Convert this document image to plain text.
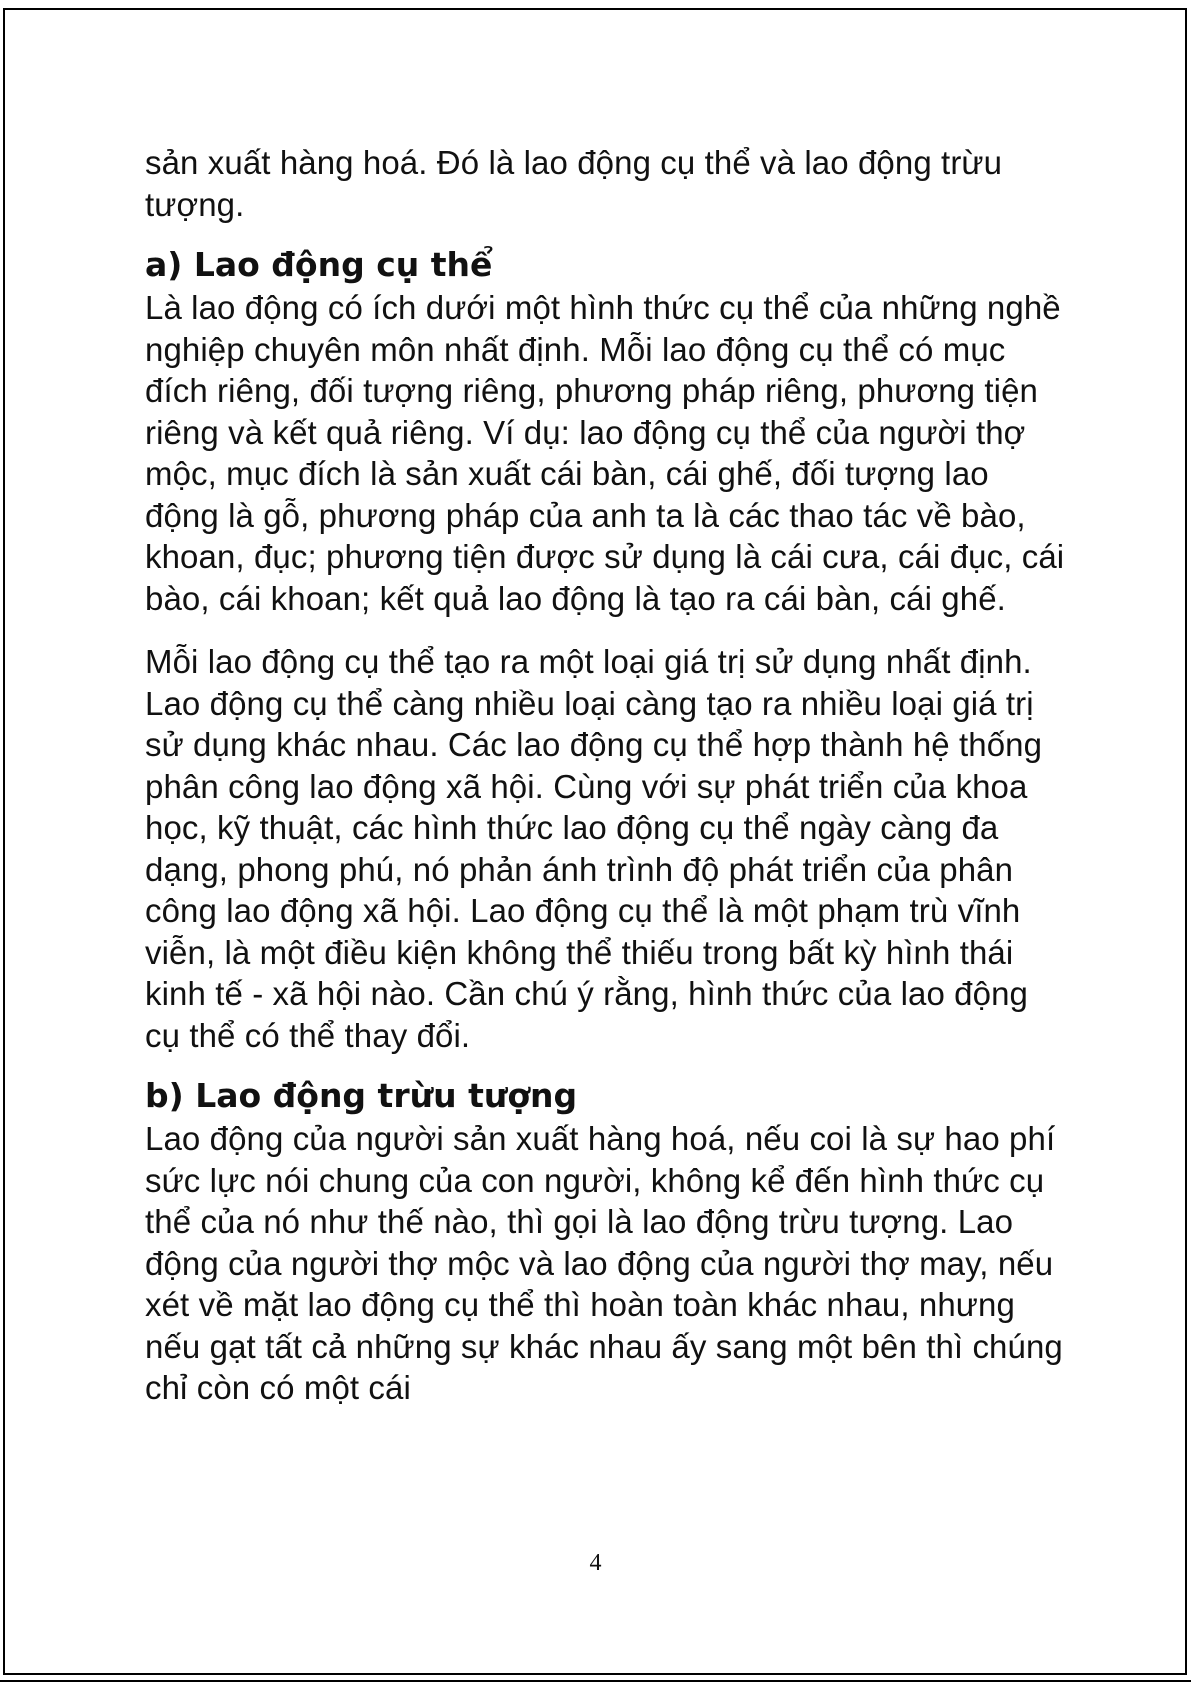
sản xuất hàng hoá. Đó là lao động cụ thể và lao động trừu tượng.

a) Lao động cụ thể

Là lao động có ích dưới một hình thức cụ thể của những nghề nghiệp chuyên môn nhất định. Mỗi lao động cụ thể có mục đích riêng, đối tượng riêng, phương pháp riêng, phương tiện riêng và kết quả riêng. Ví dụ: lao động cụ thể của người thợ mộc, mục đích là sản xuất cái bàn, cái ghế, đối tượng lao động là gỗ, phương pháp của anh ta là các thao tác về bào, khoan, đục; phương tiện được sử dụng là cái cưa, cái đục, cái bào, cái khoan; kết quả lao động là tạo ra cái bàn, cái ghế.

Mỗi lao động cụ thể tạo ra một loại giá trị sử dụng nhất định. Lao động cụ thể càng nhiều loại càng tạo ra nhiều loại giá trị sử dụng khác nhau. Các lao động cụ thể hợp thành hệ thống phân công lao động xã hội. Cùng với sự phát triển của khoa học, kỹ thuật, các hình thức lao động cụ thể ngày càng đa dạng, phong phú, nó phản ánh trình độ phát triển của phân công lao động xã hội. Lao động cụ thể là một phạm trù vĩnh viễn, là một điều kiện không thể thiếu trong bất kỳ hình thái kinh tế - xã hội nào. Cần chú ý rằng, hình thức của lao động cụ thể có thể thay đổi.

b) Lao động trừu tượng

Lao động của người sản xuất hàng hoá, nếu coi là sự hao phí sức lực nói chung của con người, không kể đến hình thức cụ thể của nó như thế nào, thì gọi là lao động trừu tượng. Lao động của người thợ mộc và lao động của người thợ may, nếu xét về mặt lao động cụ thể thì hoàn toàn khác nhau, nhưng nếu gạt tất cả những sự khác nhau ấy sang một bên thì chúng chỉ còn có một cái

4
